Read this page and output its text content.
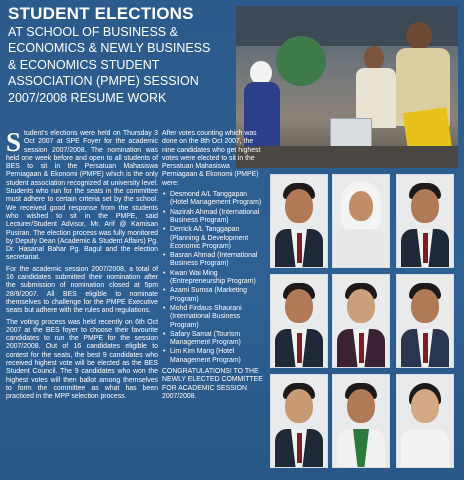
STUDENT ELECTIONS
AT SCHOOL OF BUSINESS &
ECONOMICS & NEWLY BUSINESS
& ECONOMICS STUDENT
ASSOCIATION (PMPE) SESSION
2007/2008 RESUME WORK

Student's elections were held on Thursday 3 Oct 2007 at SPE Foyer for the academic session 2007/2008. The nomination was held one week before and open to all students of BES to sit in the Persatuan Mahasiswa Perniagaan & Ekonomi (PMPE) which is the only student association recognized at university level. Students who run for the seats in the committee must adhere to certain criteria set by the school. We received good response from the students who wished to sit in the PMPE, said Lecturer/Student Advisor, Mr. Arif @ Kamisan Pusiran. The election process was fully monitored by Deputy Dean (Academic & Student Affairs) Pg. Dr. Hasanal Bahar Pg. Bagul and the election secretariat.

For the academic session 2007/2008, a total of 16 candidates submitted their nomination after the submission of nomination closed at 5pm 28/9/2007. All BES eligible to nominate themselves to challenge for the PMPE Executive seats but adhere with the rules and regulations.

The voting process was held recently on 6th Oct 2007 at the BES foyer to choose their favourite candidates to run the PMPE for the session 2007/2008. Out of 16 candidates eligible to contest for the seats, the best 9 candidates who received highest vote will be elected as the BES Student Council. The 9 candidates who won the highest votes will then ballot among themselves to form the committee as what has been practiced in the MPP selection process.

After votes counting which was done on the 8th Oct 2007, the nine candidates who get highest votes were elected to sit in the Persatuan Mahasiswa Perniagaan & Ekonomi (PMPE) were:

• Desmond A/L Tanggapan (Hotel Management Program)
• Nazirah Ahmad (International Business Program)
• Derrick A/L Tanggapan (Planning & Development Economic Program)
• Basran Ahmad (International Business Program)
• Kwan Wai Ming (Entrepreneurship Program)
• Azami Sumsa (Marketing Program)
• Mohd Firdaus Shaurani (International Business Program)
• Safary Samat (Tourism Management Program)
• Lim Kim Mang (Hotel Management Program)
CONGRATULATIONS! TO THE NEWLY ELECTED COMMITTEE FOR ACADEMIC SESSION 2007/2008.
